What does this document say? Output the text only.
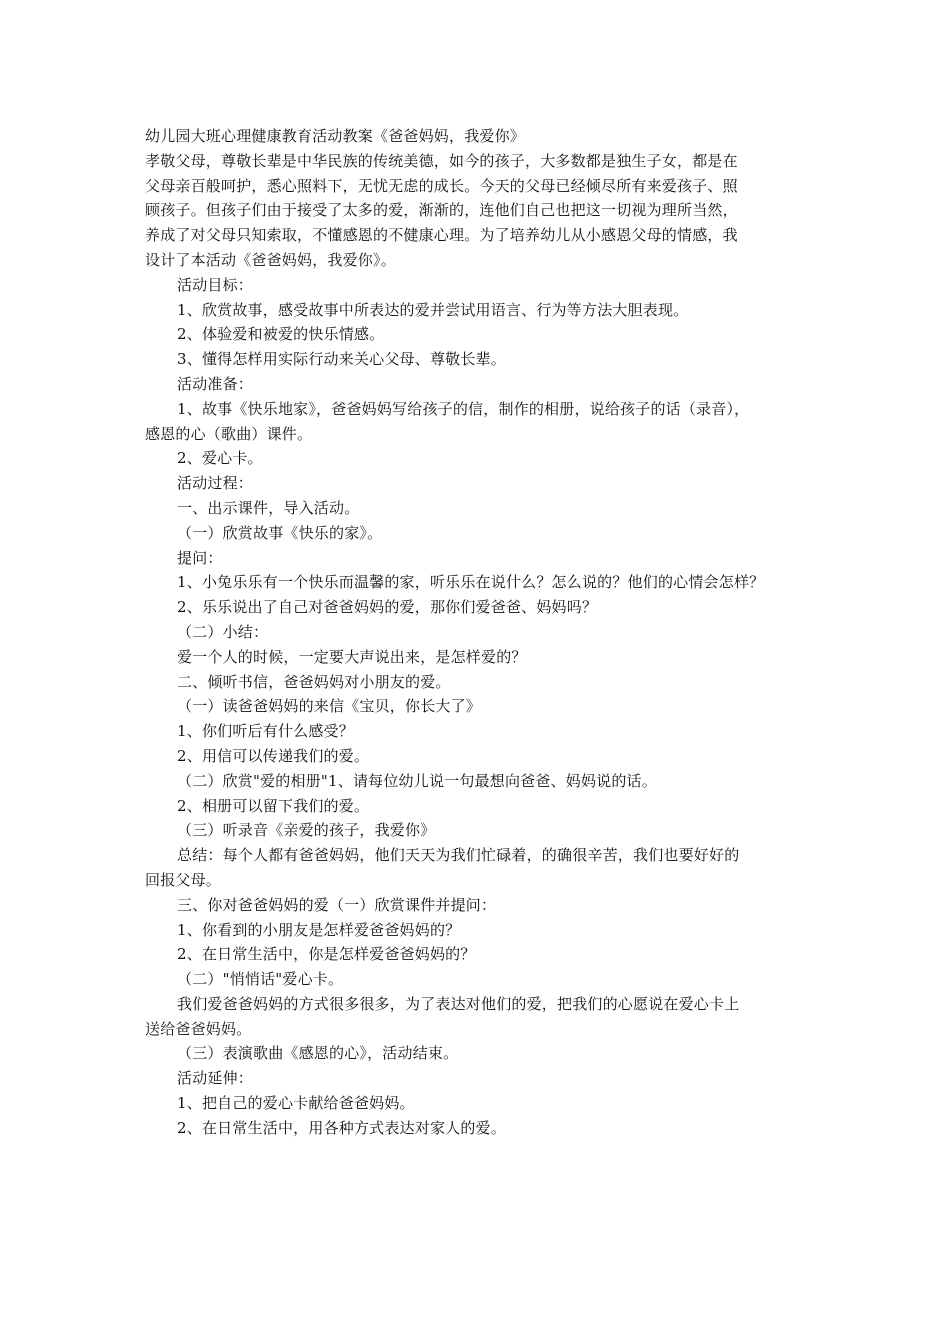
幼儿园大班心理健康教育活动教案《爸爸妈妈，我爱你》
孝敬父母，尊敬长辈是中华民族的传统美德，如今的孩子，大多数都是独生子女，都是在
父母亲百般呵护，悉心照料下，无忧无虑的成长。今天的父母已经倾尽所有来爱孩子、照
顾孩子。但孩子们由于接受了太多的爱，渐渐的，连他们自己也把这一切视为理所当然，
养成了对父母只知索取，不懂感恩的不健康心理。为了培养幼儿从小感恩父母的情感，我
设计了本活动《爸爸妈妈，我爱你》。
活动目标：
1、欣赏故事，感受故事中所表达的爱并尝试用语言、行为等方法大胆表现。
2、体验爱和被爱的快乐情感。
3、懂得怎样用实际行动来关心父母、尊敬长辈。
活动准备：
1、故事《快乐地家》，爸爸妈妈写给孩子的信，制作的相册，说给孩子的话（录音），
感恩的心（歌曲）课件。
2、爱心卡。
活动过程：
一、出示课件，导入活动。
（一）欣赏故事《快乐的家》。
提问：
1、小兔乐乐有一个快乐而温馨的家，听乐乐在说什么？怎么说的？他们的心情会怎样？
2、乐乐说出了自己对爸爸妈妈的爱，那你们爱爸爸、妈妈吗？
（二）小结：
爱一个人的时候，一定要大声说出来，是怎样爱的？
二、倾听书信，爸爸妈妈对小朋友的爱。
（一）读爸爸妈妈的来信《宝贝，你长大了》
1、你们听后有什么感受？
2、用信可以传递我们的爱。
（二）欣赏"爱的相册"1、请每位幼儿说一句最想向爸爸、妈妈说的话。
2、相册可以留下我们的爱。
（三）听录音《亲爱的孩子，我爱你》
总结：每个人都有爸爸妈妈，他们天天为我们忙碌着，的确很辛苦，我们也要好好的
回报父母。
三、你对爸爸妈妈的爱（一）欣赏课件并提问：
1、你看到的小朋友是怎样爱爸爸妈妈的？
2、在日常生活中，你是怎样爱爸爸妈妈的？
（二）"悄悄话"爱心卡。
我们爱爸爸妈妈的方式很多很多，为了表达对他们的爱，把我们的心愿说在爱心卡上
送给爸爸妈妈。
（三）表演歌曲《感恩的心》，活动结束。
活动延伸：
1、把自己的爱心卡献给爸爸妈妈。
2、在日常生活中，用各种方式表达对家人的爱。
